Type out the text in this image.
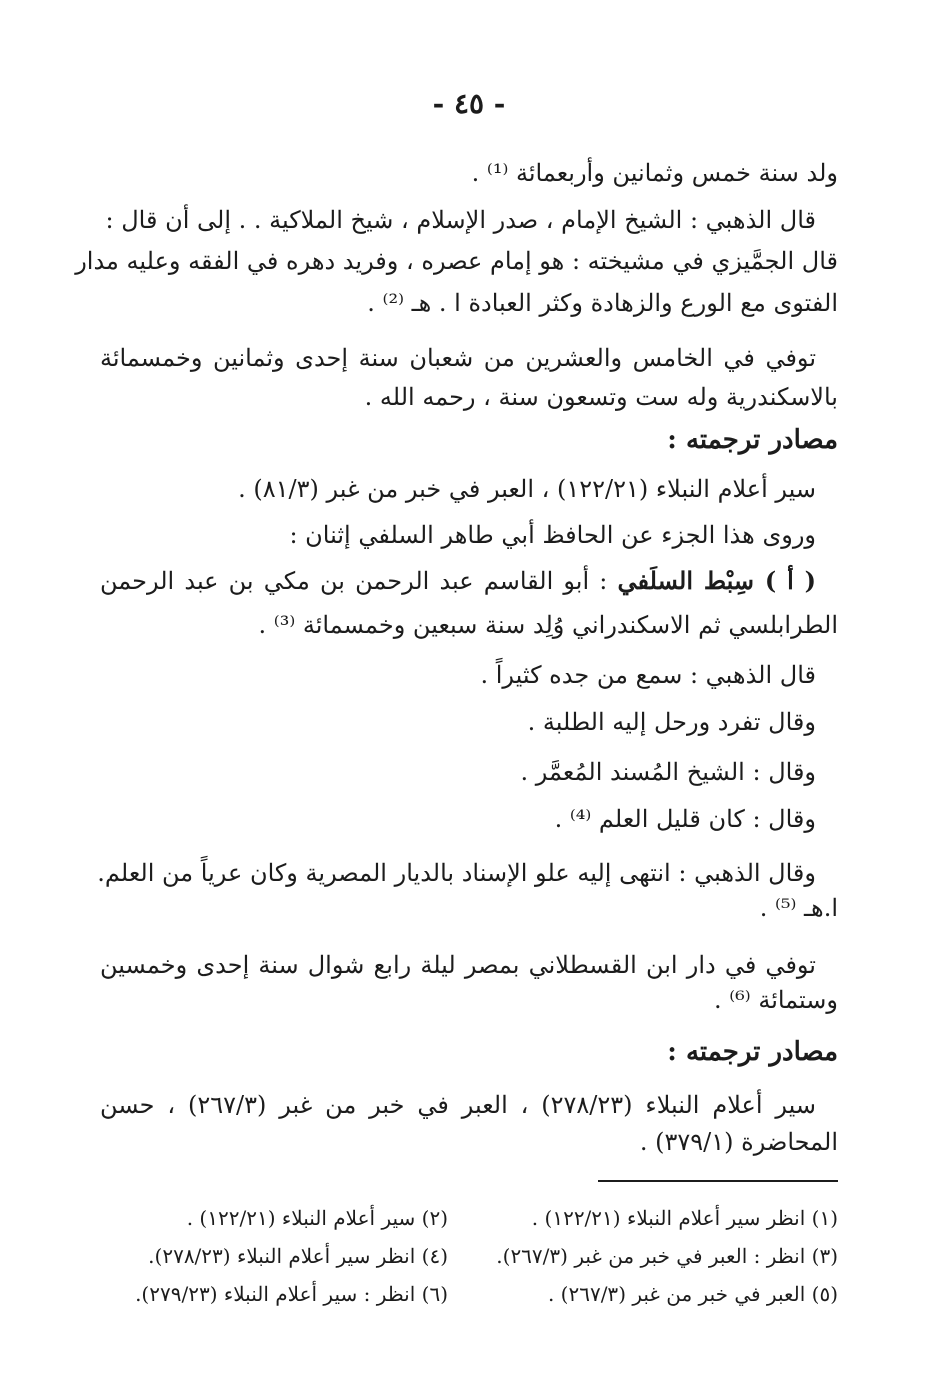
- ٤٥ -
ولد سنة خمس وثمانين وأربعمائة ⁽¹⁾ .
قال الذهبي : الشيخ الإمام ، صدر الإسلام ، شيخ الملاكية . . إلى أن قال :
قال الجمَّيزي في مشيخته : هو إمام عصره ، وفريد دهره في الفقه وعليه مدار
الفتوى مع الورع والزهادة وكثر العبادة ا . هـ ⁽²⁾ .
توفي في الخامس والعشرين من شعبان سنة إحدى وثمانين وخمسمائة
بالاسكندرية وله ست وتسعون سنة ، رحمه الله .
مصادر ترجمته :
سير أعلام النبلاء (١٢٢/٢١) ، العبر في خبر من غبر (٨١/٣) .
وروى هذا الجزء عن الحافظ أبي طاهر السلفي إثنان :
( أ ) سِبْط السلَفي : أبو القاسم عبد الرحمن بن مكي بن عبد الرحمن
الطرابلسي ثم الاسكندراني وُلِد سنة سبعين وخمسمائة ⁽³⁾ .
قال الذهبي : سمع من جده كثيراً .
وقال تفرد ورحل إليه الطلبة .
وقال : الشيخ المُسند المُعمَّر .
وقال : كان قليل العلم ⁽⁴⁾ .
وقال الذهبي : انتهى إليه علو الإسناد بالديار المصرية وكان عرياً من العلم.
ا.هـ ⁽⁵⁾ .
توفي في دار ابن القسطلاني بمصر ليلة رابع شوال سنة إحدى وخمسين
وستمائة ⁽⁶⁾ .
مصادر ترجمته :
سير أعلام النبلاء (٢٧٨/٢٣) ، العبر في خبر من غبر (٢٦٧/٣) ، حسن
المحاضرة (٣٧٩/١) .
(١) انظر سير أعلام النبلاء (١٢٢/٢١) .
(٢) سير أعلام النبلاء (١٢٢/٢١) .
(٣) انظر : العبر في خبر من غبر (٢٦٧/٣).
(٤) انظر سير أعلام النبلاء (٢٧٨/٢٣).
(٥) العبر في خبر من غبر (٢٦٧/٣) .
(٦) انظر : سير أعلام النبلاء (٢٧٩/٢٣).
